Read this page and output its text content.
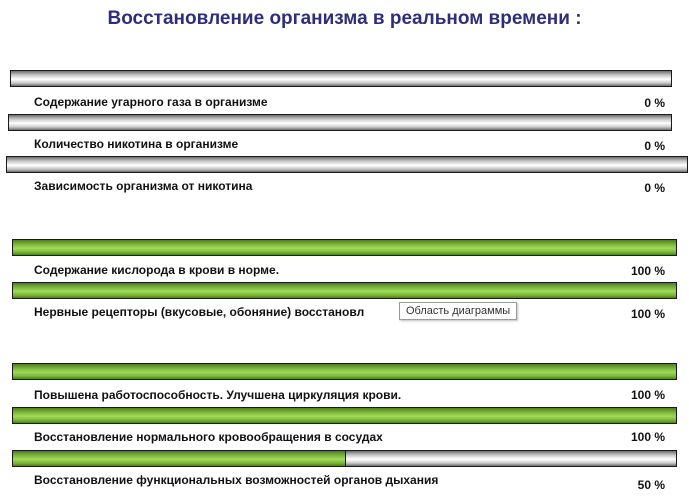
Восстановление организма в реальном времени :
Содержание угарного газа в организме	0 %
Количество никотина в организме	0 %
Зависимость организма от никотина	0 %
Содержание кислорода в крови в норме.	100 %
Нервные рецепторы (вкусовые, обоняние) восстановл	100 %
Повышена работоспособность. Улучшена циркуляция крови.	100 %
Восстановление нормального кровообращения в сосудах	100 %
Восстановление функциональных возможностей органов дыхания	50 %
Область диаграммы
